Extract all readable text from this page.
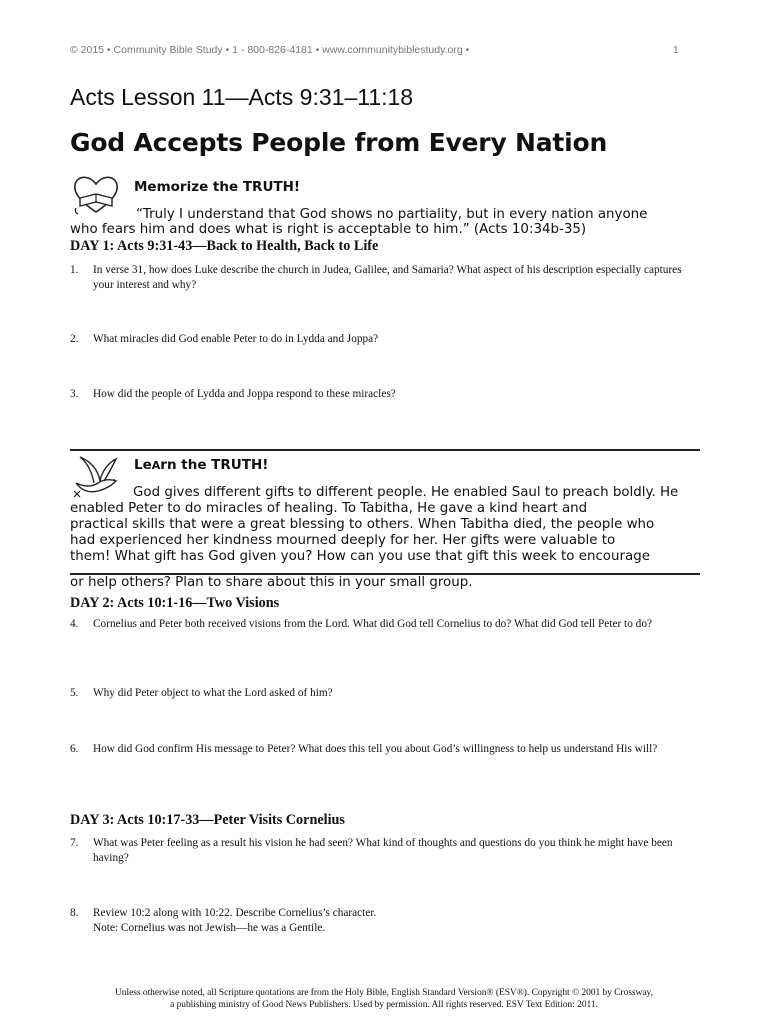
© 2015 • Community Bible Study • 1 - 800-826-4181 • www.communitybiblestudy.org •	1
Acts Lesson 11—Acts 9:31–11:18
God Accepts People from Every Nation
Memorize the TRUTH!
“Truly I understand that God shows no partiality, but in every nation anyone
who fears him and does what is right is acceptable to him.” (Acts 10:34b-35)
DAY 1: Acts 9:31-43—Back to Health, Back to Life
1. In verse 31, how does Luke describe the church in Judea, Galilee, and Samaria? What aspect of his description especially captures your interest and why?
2. What miracles did God enable Peter to do in Lydda and Joppa?
3. How did the people of Lydda and Joppa respond to these miracles?
LeArn the TRUTH!
God gives different gifts to different people. He enabled Saul to preach boldly. He
enabled Peter to do miracles of healing. To Tabitha, He gave a kind heart and
practical skills that were a great blessing to others. When Tabitha died, the people who
had experienced her kindness mourned deeply for her. Her gifts were valuable to
them! What gift has God given you? How can you use that gift this week to encourage
or help others? Plan to share about this in your small group.
DAY 2: Acts 10:1-16—Two Visions
4. Cornelius and Peter both received visions from the Lord. What did God tell Cornelius to do? What did God tell Peter to do?
5. Why did Peter object to what the Lord asked of him?
6. How did God confirm His message to Peter? What does this tell you about God’s willingness to help us understand His will?
DAY 3: Acts 10:17-33—Peter Visits Cornelius
7. What was Peter feeling as a result his vision he had seen? What kind of thoughts and questions do you think he might have been having?
8. Review 10:2 along with 10:22. Describe Cornelius’s character.
Note: Cornelius was not Jewish—he was a Gentile.
Unless otherwise noted, all Scripture quotations are from the Holy Bible, English Standard Version® (ESV®). Copyright © 2001 by Crossway,
a publishing ministry of Good News Publishers. Used by permission. All rights reserved. ESV Text Edition: 2011.
